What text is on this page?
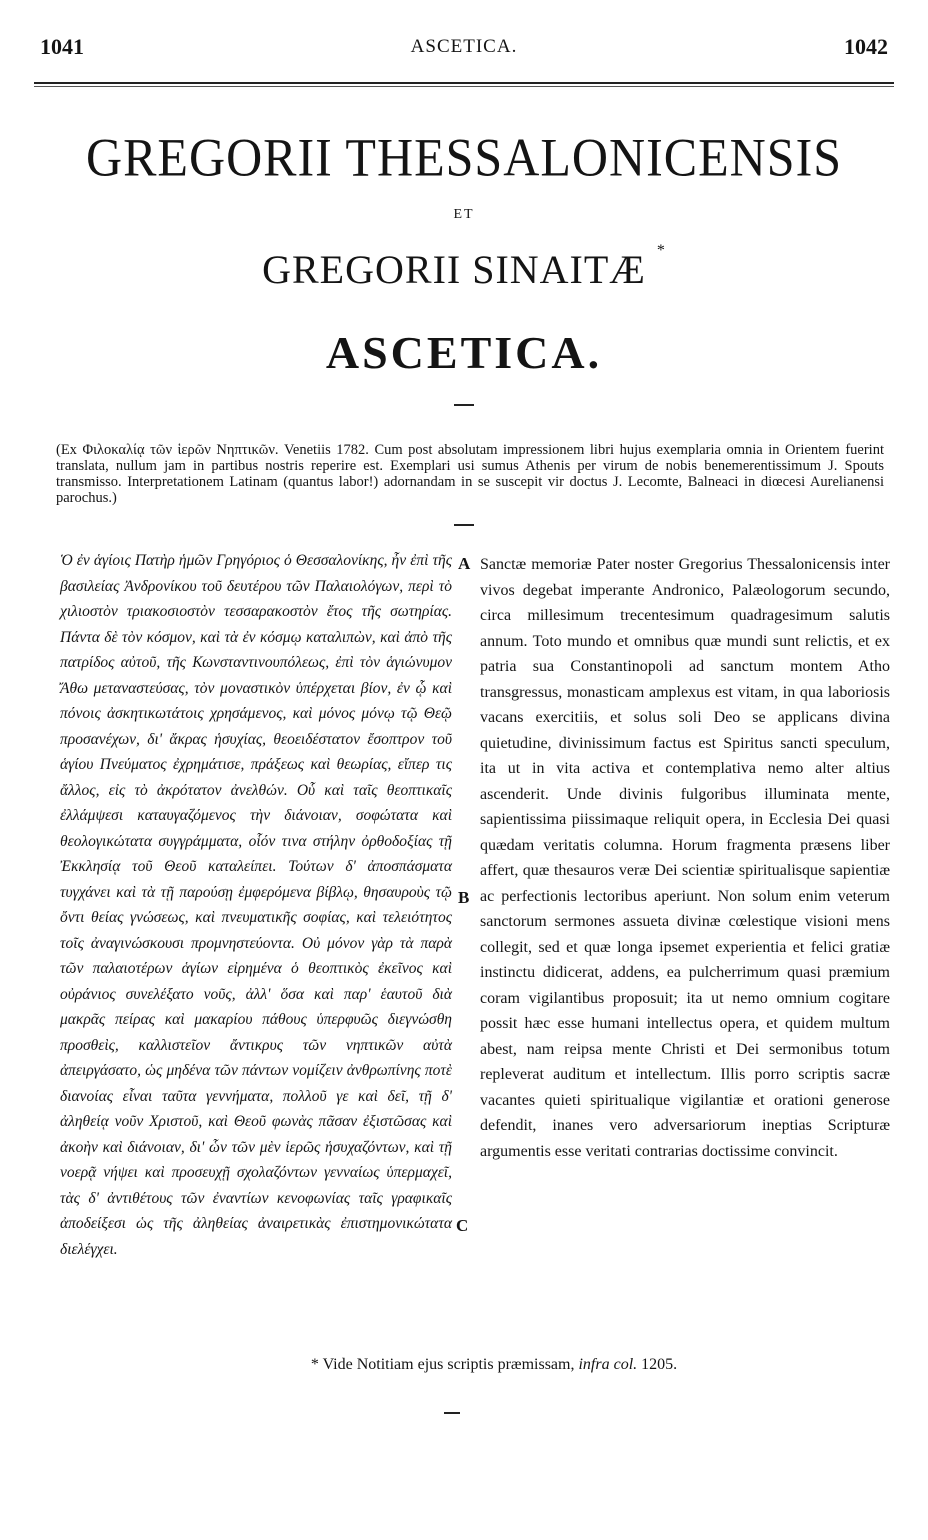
1041	ASCETICA.	1042
GREGORII THESSALONICENSIS
ET
GREGORII SINAITÆ *
ASCETICA.
(Ex Φιλοκαλίᾳ τῶν ἱερῶν Νηπτικῶν. Venetiis 1782. Cum post absolutam impressionem libri hujus exemplaria omnia in Orientem fuerint translata, nullum jam in partibus nostris reperire est. Exemplari usi sumus Athenis per virum de nobis benemerentissimum J. Spouts transmisso. Interpretationem Latinam (quantus labor!) adornandam in se suscepit vir doctus J. Lecomte, Balneaci in diœcesi Aurelianensi parochus.)
Ὁ ἐν ἁγίοις Πατὴρ ἡμῶν Γρηγόριος ὁ Θεσσαλονίκης, ἦν ἐπὶ τῆς βασιλείας Ἀνδρονίκου τοῦ δευτέρου τῶν Παλαιολόγων, περὶ τὸ χιλιοστὸν τριακοσιοστὸν τεσσαρακοστὸν ἔτος τῆς σωτηρίας. Πάντα δὲ τὸν κόσμον, καὶ τὰ ἐν κόσμῳ καταλιπὼν, καὶ ἀπὸ τῆς πατρίδος αὐτοῦ, τῆς Κωνσταντινουπόλεως, ἐπὶ τὸν ἁγιώνυμον Ἄθω μεταναστεύσας, τὸν μοναστικὸν ὑπέρχεται βίον, ἐν ᾧ καὶ πόνοις ἀσκητικωτάτοις χρησάμενος, καὶ μόνος μόνῳ τῷ Θεῷ προσανέχων, δι' ἄκρας ἡσυχίας, θεοειδέστατον ἔσοπτρον τοῦ ἁγίου Πνεύματος ἐχρημάτισε, πράξεως καὶ θεωρίας, εἴπερ τις ἄλλος, εἰς τὸ ἀκρότατον ἀνελθών. Οὗ καὶ ταῖς θεοπτικαῖς ἐλλάμψεσι καταυγαζόμενος τὴν διάνοιαν, σοφώτατα καὶ θεολογικώτατα συγγράμματα, οἷόν τινα στήλην ὀρθοδοξίας τῇ Ἐκκλησίᾳ τοῦ Θεοῦ καταλείπει. Τούτων δ' ἀποσπάσματα τυγχάνει καὶ τὰ τῇ παρούσῃ ἐμφερόμενα βίβλῳ, θησαυροὺς τῷ ὄντι θείας γνώσεως, καὶ πνευματικῆς σοφίας, καὶ τελειότητος τοῖς ἀναγινώσκουσι προμνηστεύοντα. Οὐ μόνον γὰρ τὰ παρὰ τῶν παλαιοτέρων ἁγίων εἰρημένα ὁ θεοπτικὸς ἐκεῖνος καὶ οὐράνιος συνελέξατο νοῦς, ἀλλ' ὅσα καὶ παρ' ἑαυτοῦ διὰ μακρᾶς πείρας καὶ μακαρίου πάθους ὑπερφυῶς διεγνώσθη προσθεὶς, καλλιστεῖον ἄντικρυς τῶν νηπτικῶν αὐτὰ ἀπειργάσατο, ὡς μηδένα τῶν πάντων νομίζειν ἀνθρωπίνης ποτὲ διανοίας εἶναι ταῦτα γεννήματα, πολλοῦ γε καὶ δεῖ, τῇ δ' ἀληθείᾳ νοῦν Χριστοῦ, καὶ Θεοῦ φωνὰς πᾶσαν ἐξιστῶσας καὶ ἀκοὴν καὶ διάνοιαν, δι' ὧν τῶν μὲν ἱερῶς ἡσυχαζόντων, καὶ τῇ νοερᾷ νήψει καὶ προσευχῇ σχολαζόντων γενναίως ὑπερμαχεῖ, τὰς δ' ἀντιθέτους τῶν ἐναντίων κενοφωνίας ταῖς γραφικαῖς ἀποδείξεσι ὡς τῆς ἀληθείας ἀναιρετικὰς ἐπιστημονικώτατα διελέγχει.
A
B
C
Sanctæ memoriæ Pater noster Gregorius Thessalonicensis inter vivos degebat imperante Andronico, Palæologorum secundo, circa millesimum trecentesimum quadragesimum salutis annum. Toto mundo et omnibus quæ mundi sunt relictis, et ex patria sua Constantinopoli ad sanctum montem Atho transgressus, monasticam amplexus est vitam, in qua laboriosis vacans exercitiis, et solus soli Deo se applicans divina quietudine, divinissimum factus est Spiritus sancti speculum, ita ut in vita activa et contemplativa nemo alter altius ascenderit. Unde divinis fulgoribus illuminata mente, sapientissima piissimaque reliquit opera, in Ecclesia Dei quasi quædam veritatis columna. Horum fragmenta præsens liber affert, quæ thesauros veræ Dei scientiæ spiritualisque sapientiæ ac perfectionis lectoribus aperiunt. Non solum enim veterum sanctorum sermones assueta divinæ cœlestique visioni mens collegit, sed et quæ longa ipsemet experientia et felici gratiæ instinctu didicerat, addens, ea pulcherrimum quasi præmium coram vigilantibus proposuit; ita ut nemo omnium cogitare possit hæc esse humani intellectus opera, et quidem multum abest, nam reipsa mente Christi et Dei sermonibus totum repleverat auditum et intellectum. Illis porro scriptis sacræ vacantes quieti spiritualique vigilantiæ et orationi generose defendit, inanes vero adversariorum ineptias Scripturæ argumentis esse veritati contrarias doctissime convincit.
* Vide Notitiam ejus scriptis præmissam, infra col. 1205.
